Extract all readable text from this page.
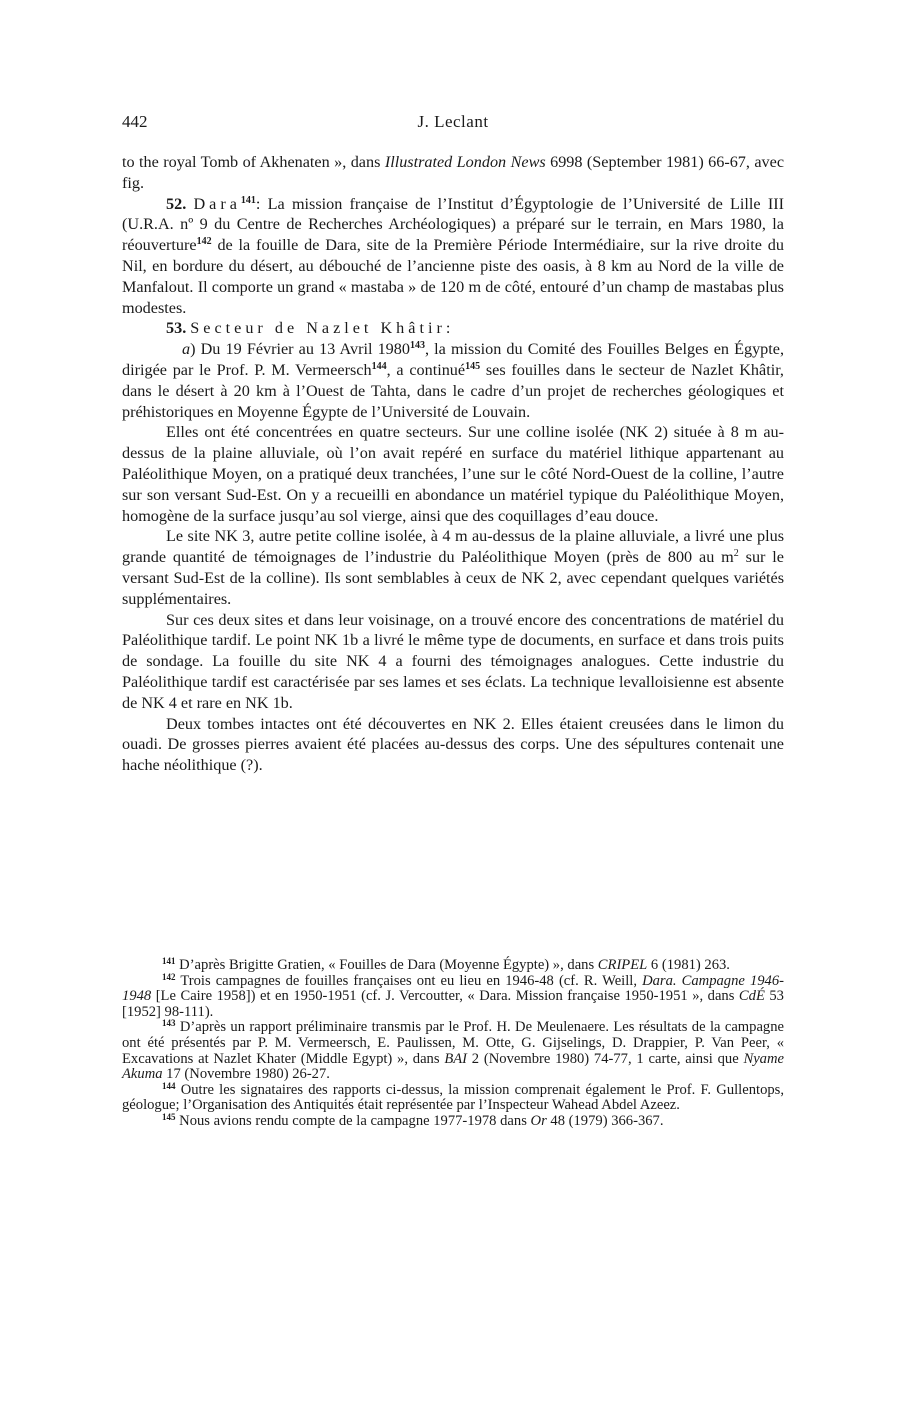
442	J. Leclant

to the royal Tomb of Akhenaten », dans Illustrated London News 6998 (September 1981) 66-67, avec fig.

52. Dara$^{141}$: La mission française de l’Institut d’Égyptologie de l’Université de Lille III (U.R.A. nº 9 du Centre de Recherches Archéologiques) a préparé sur le terrain, en Mars 1980, la réouverture$^{142}$ de la fouille de Dara, site de la Première Période Intermédiaire, sur la rive droite du Nil, en bordure du désert, au débouché de l’ancienne piste des oasis, à 8 km au Nord de la ville de Manfalout. Il comporte un grand « mastaba » de 120 m de côté, entouré d’un champ de mastabas plus modestes.

53. Secteur de Nazlet Khâtir:

a) Du 19 Février au 13 Avril 1980$^{143}$, la mission du Comité des Fouilles Belges en Égypte, dirigée par le Prof. P. M. Vermeersch$^{144}$, a continué$^{145}$ ses fouilles dans le secteur de Nazlet Khâtir, dans le désert à 20 km à l’Ouest de Tahta, dans le cadre d’un projet de recherches géologiques et préhistoriques en Moyenne Égypte de l’Université de Louvain.

Elles ont été concentrées en quatre secteurs. Sur une colline isolée (NK 2) située à 8 m au-dessus de la plaine alluviale, où l’on avait repéré en surface du matériel lithique appartenant au Paléolithique Moyen, on a pratiqué deux tranchées, l’une sur le côté Nord-Ouest de la colline, l’autre sur son versant Sud-Est. On y a recueilli en abondance un matériel typique du Paléolithique Moyen, homogène de la surface jusqu’au sol vierge, ainsi que des coquillages d’eau douce.

Le site NK 3, autre petite colline isolée, à 4 m au-dessus de la plaine alluviale, a livré une plus grande quantité de témoignages de l’industrie du Paléolithique Moyen (près de 800 au $m^2$ sur le versant Sud-Est de la colline). Ils sont semblables à ceux de NK 2, avec cependant quelques variétés supplémentaires.

Sur ces deux sites et dans leur voisinage, on a trouvé encore des concentrations de matériel du Paléolithique tardif. Le point NK 1b a livré le même type de documents, en surface et dans trois puits de sondage. La fouille du site NK 4 a fourni des témoignages analogues. Cette industrie du Paléolithique tardif est caractérisée par ses lames et ses éclats. La technique levalloisienne est absente de NK 4 et rare en NK 1b.

Deux tombes intactes ont été découvertes en NK 2. Elles étaient creusées dans le limon du ouadi. De grosses pierres avaient été placées au-dessus des corps. Une des sépultures contenait une hache néolithique (?).

$^{141}$ D’après Brigitte Gratien, « Fouilles de Dara (Moyenne Égypte) », dans CRIPEL 6 (1981) 263.

$^{142}$ Trois campagnes de fouilles françaises ont eu lieu en 1946-48 (cf. R. Weill, Dara. Campagne 1946-1948 [Le Caire 1958]) et en 1950-1951 (cf. J. Vercoutter, « Dara. Mission française 1950-1951 », dans CdÉ 53 [1952] 98-111).

$^{143}$ D’après un rapport préliminaire transmis par le Prof. H. De Meulenaere. Les résultats de la campagne ont été présentés par P. M. Vermeersch, E. Paulissen, M. Otte, G. Gijselings, D. Drappier, P. Van Peer, « Excavations at Nazlet Khater (Middle Egypt) », dans BAI 2 (Novembre 1980) 74-77, 1 carte, ainsi que Nyame Akuma 17 (Novembre 1980) 26-27.

$^{144}$ Outre les signataires des rapports ci-dessus, la mission comprenait également le Prof. F. Gullentops, géologue; l’Organisation des Antiquités était représentée par l’Inspecteur Wahead Abdel Azeez.

$^{145}$ Nous avions rendu compte de la campagne 1977-1978 dans Or 48 (1979) 366-367.
